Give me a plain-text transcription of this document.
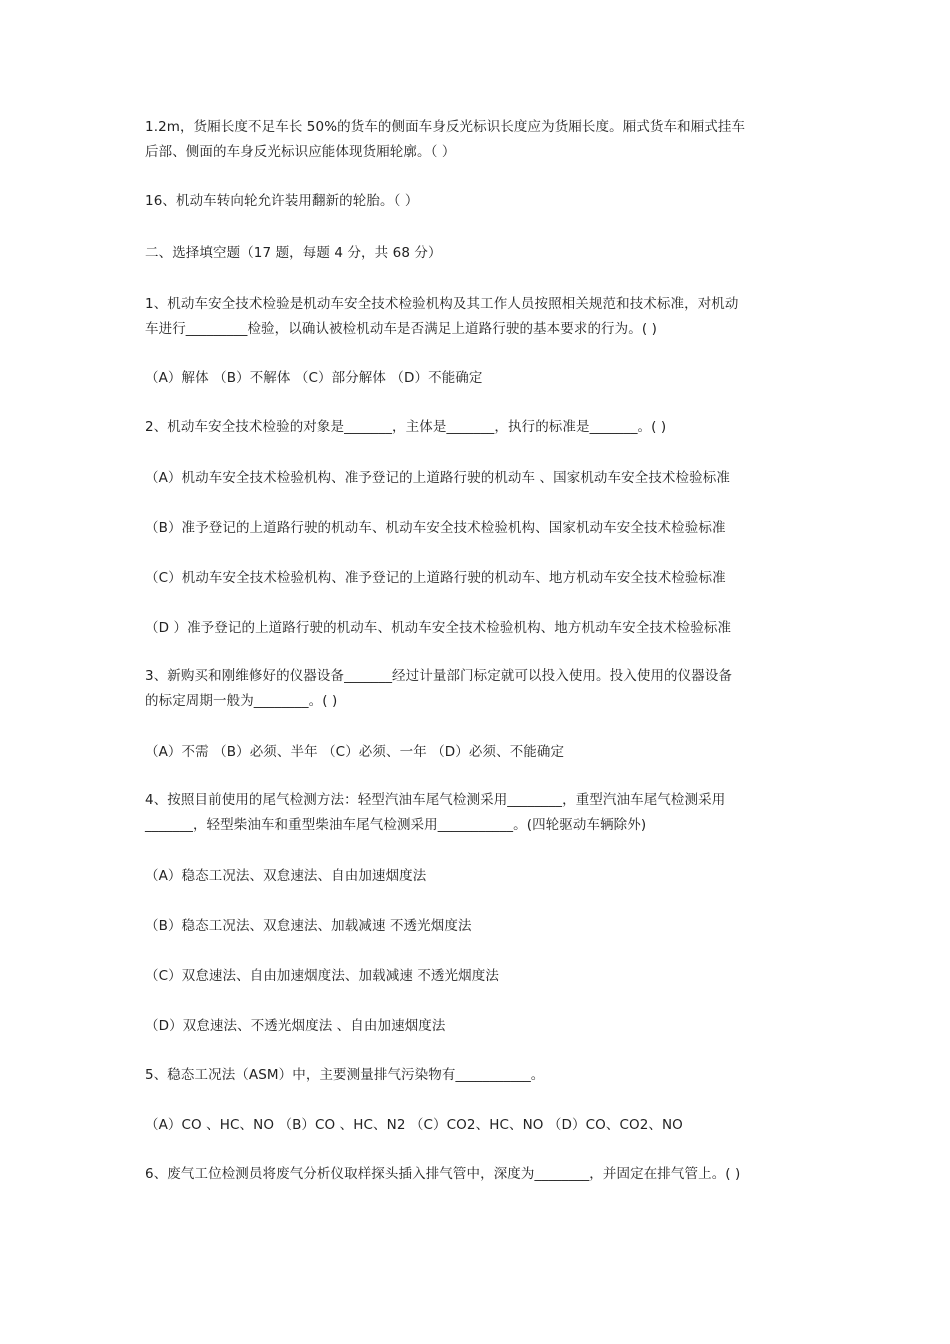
1.2m，货厢长度不足车长 50%的货车的侧面车身反光标识长度应为货厢长度。厢式货车和厢式挂车
后部、侧面的车身反光标识应能体现货厢轮廓。（ ）
16、机动车转向轮允许装用翻新的轮胎。（ ）
二、选择填空题（17 题，每题 4 分，共 68 分）
1、机动车安全技术检验是机动车安全技术检验机构及其工作人员按照相关规范和技术标准，对机动
车进行_________检验，以确认被检机动车是否满足上道路行驶的基本要求的行为。( )
（A）解体 （B）不解体 （C）部分解体 （D）不能确定
2、机动车安全技术检验的对象是_______，主体是_______，执行的标准是_______。( )
（A）机动车安全技术检验机构、准予登记的上道路行驶的机动车 、国家机动车安全技术检验标准
（B）准予登记的上道路行驶的机动车、机动车安全技术检验机构、国家机动车安全技术检验标准
（C）机动车安全技术检验机构、准予登记的上道路行驶的机动车、地方机动车安全技术检验标准
（D ）准予登记的上道路行驶的机动车、机动车安全技术检验机构、地方机动车安全技术检验标准
3、新购买和刚维修好的仪器设备_______经过计量部门标定就可以投入使用。投入使用的仪器设备
的标定周期一般为________。( )
（A）不需 （B）必须、半年 （C）必须、一年 （D）必须、不能确定
4、按照目前使用的尾气检测方法：轻型汽油车尾气检测采用________，重型汽油车尾气检测采用
_______，轻型柴油车和重型柴油车尾气检测采用___________。(四轮驱动车辆除外)
（A）稳态工况法、双怠速法、自由加速烟度法
（B）稳态工况法、双怠速法、加载减速 不透光烟度法
（C）双怠速法、自由加速烟度法、加载减速 不透光烟度法
（D）双怠速法、不透光烟度法 、自由加速烟度法
5、稳态工况法（ASM）中，主要测量排气污染物有___________。
（A）CO 、HC、NO （B）CO 、HC、N2 （C）CO2、HC、NO （D）CO、CO2、NO
6、废气工位检测员将废气分析仪取样探头插入排气管中，深度为________，并固定在排气管上。( )
